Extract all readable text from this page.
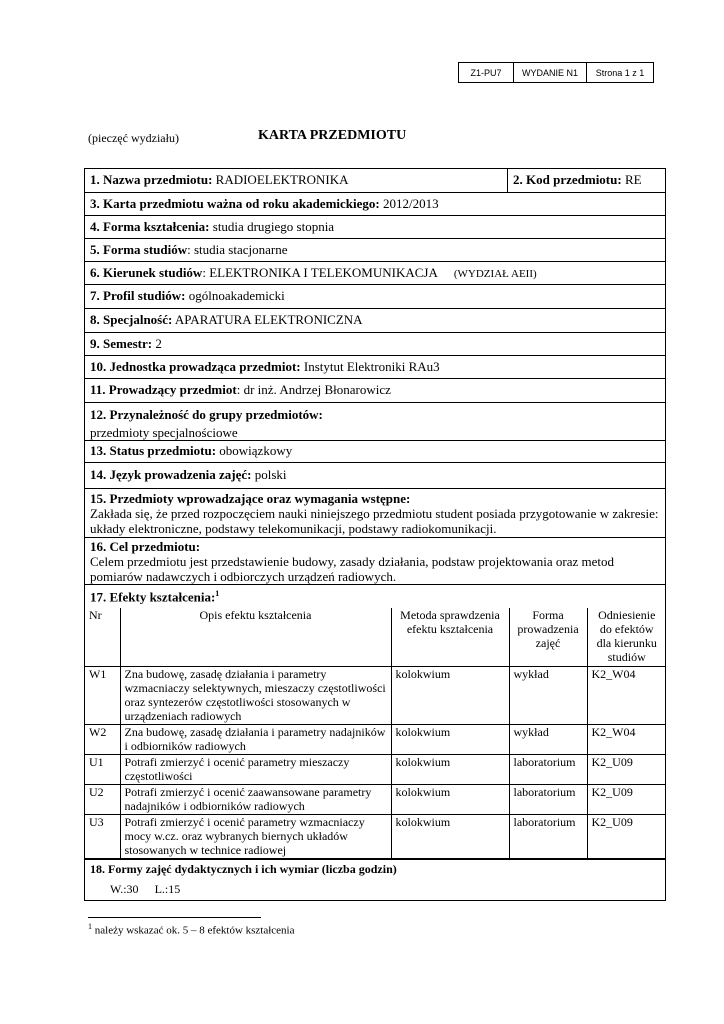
Z1-PU7	WYDANIE N1	Strona 1 z 1
(pieczęć wydziału)	KARTA PRZEDMIOTU
1. Nazwa przedmiotu: RADIOELEKTRONIKA	2. Kod przedmiotu: RE
3. Karta przedmiotu ważna od roku akademickiego: 2012/2013
4. Forma kształcenia: studia drugiego stopnia
5. Forma studiów: studia stacjonarne
6. Kierunek studiów: ELEKTRONIKA I TELEKOMUNIKACJA (WYDZIAŁ AEII)
7. Profil studiów: ogólnoakademicki
8. Specjalność: APARATURA ELEKTRONICZNA
9. Semestr: 2
10. Jednostka prowadząca przedmiot: Instytut Elektroniki RAu3
11. Prowadzący przedmiot: dr inż. Andrzej Błonarowicz

12. Przynależność do grupy przedmiotów:
przedmioty specjalnościowe

13. Status przedmiotu: obowiązkowy
14. Język prowadzenia zajęć: polski

15. Przedmioty wprowadzające oraz wymagania wstępne:
Zakłada się, że przed rozpoczęciem nauki niniejszego przedmiotu student posiada przygotowanie w zakresie: układy elektroniczne, podstawy telekomunikacji, podstawy radiokomunikacji.

16. Cel przedmiotu:
Celem przedmiotu jest przedstawienie budowy, zasady działania, podstaw projektowania oraz metod pomiarów nadawczych i odbiorczych urządzeń radiowych.

17. Efekty kształcenia:$^1$
Nr	Opis efektu kształcenia	Metoda sprawdzenia efektu kształcenia	Forma prowadzenia zajęć	Odniesienie do efektów dla kierunku studiów
W1	Zna budowę, zasadę działania i parametry wzmacniaczy selektywnych, mieszaczy częstotliwości oraz syntezerów częstotliwości stosowanych w urządzeniach radiowych	kolokwium	wykład	K2_W04
W2	Zna budowę, zasadę działania i parametry nadajników i odbiorników radiowych	kolokwium	wykład	K2_W04
U1	Potrafi zmierzyć i ocenić parametry mieszaczy częstotliwości	kolokwium	laboratorium	K2_U09
U2	Potrafi zmierzyć i ocenić zaawansowane parametry nadajników i odbiorników radiowych	kolokwium	laboratorium	K2_U09
U3	Potrafi zmierzyć i ocenić parametry wzmacniaczy mocy w.cz. oraz wybranych biernych układów stosowanych w technice radiowej	kolokwium	laboratorium	K2_U09

18. Formy zajęć dydaktycznych i ich wymiar (liczba godzin)
W.:30 L.:15
$^1$ należy wskazać ok. 5 – 8 efektów kształcenia
